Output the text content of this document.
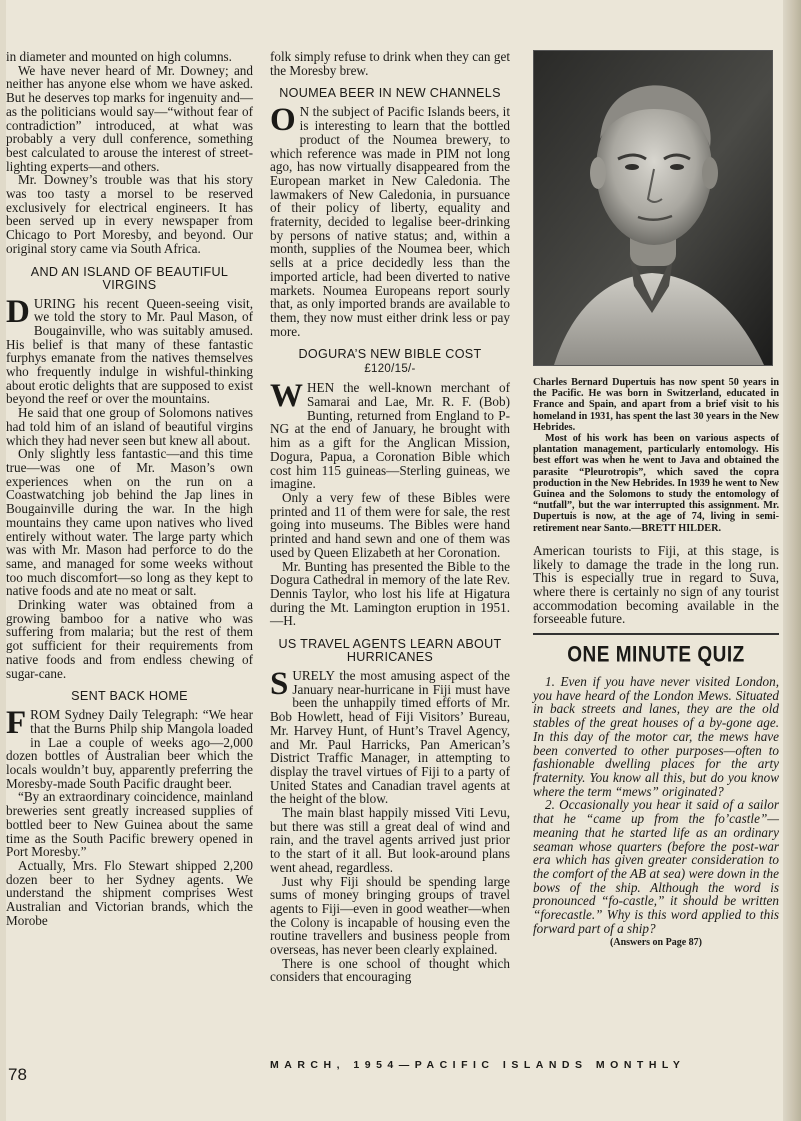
in diameter and mounted on high columns.

We have never heard of Mr. Downey; and neither has anyone else whom we have asked. But he deserves top marks for ingenuity and—as the politicians would say—“without fear of contradiction” introduced, at what was probably a very dull conference, something best calculated to arouse the interest of street-lighting experts—and others.

Mr. Downey’s trouble was that his story was too tasty a morsel to be reserved exclusively for electrical engineers. It has been served up in every newspaper from Chicago to Port Moresby, and beyond. Our original story came via South Africa.

AND AN ISLAND OF BEAUTIFUL VIRGINS

DURING his recent Queen-seeing visit, we told the story to Mr. Paul Mason, of Bougainville, who was suitably amused. His belief is that many of these fantastic furphys emanate from the natives themselves who frequently indulge in wishful-thinking about erotic delights that are supposed to exist beyond the reef or over the mountains.

He said that one group of Solomons natives had told him of an island of beautiful virgins which they had never seen but knew all about.

Only slightly less fantastic—and this time true—was one of Mr. Mason’s own experiences when on the run on a Coastwatching job behind the Jap lines in Bougainville during the war. In the high mountains they came upon natives who lived entirely without water. The large party which was with Mr. Mason had perforce to do the same, and managed for some weeks without too much discomfort—so long as they kept to native foods and ate no meat or salt.

Drinking water was obtained from a growing bamboo for a native who was suffering from malaria; but the rest of them got sufficient for their requirements from native foods and from endless chewing of sugar-cane.

SENT BACK HOME

FROM Sydney Daily Telegraph: “We hear that the Burns Philp ship Mangola loaded in Lae a couple of weeks ago—2,000 dozen bottles of Australian beer which the locals wouldn’t buy, apparently preferring the Moresby-made South Pacific draught beer.

“By an extraordinary coincidence, mainland breweries sent greatly increased supplies of bottled beer to New Guinea about the same time as the South Pacific brewery opened in Port Moresby.”

Actually, Mrs. Flo Stewart shipped 2,200 dozen beer to her Sydney agents. We understand the shipment comprises West Australian and Victorian brands, which the Morobe

folk simply refuse to drink when they can get the Moresby brew.

NOUMEA BEER IN NEW CHANNELS

O N the subject of Pacific Islands beers, it is interesting to learn that the bottled product of the Noumea brewery, to which reference was made in PIM not long ago, has now virtually disappeared from the European market in New Caledonia. The lawmakers of New Caledonia, in pursuance of their policy of liberty, equality and fraternity, decided to legalise beer-drinking by persons of native status; and, within a month, supplies of the Noumea beer, which sells at a price decidedly less than the imported article, had been diverted to native markets. Noumea Europeans report sourly that, as only imported brands are available to them, they now must either drink less or pay more.

DOGURA’S NEW BIBLE COST
£120/15/-

WHEN the well-known merchant of Samarai and Lae, Mr. R. F. (Bob) Bunting, returned from England to P-NG at the end of January, he brought with him as a gift for the Anglican Mission, Dogura, Papua, a Coronation Bible which cost him 115 guineas—Sterling guineas, we imagine.

Only a very few of these Bibles were printed and 11 of them were for sale, the rest going into museums. The Bibles were hand printed and hand sewn and one of them was used by Queen Elizabeth at her Coronation.

Mr. Bunting has presented the Bible to the Dogura Cathedral in memory of the late Rev. Dennis Taylor, who lost his life at Higatura during the Mt. Lamington eruption in 1951.—H.

US TRAVEL AGENTS LEARN ABOUT HURRICANES

SURELY the most amusing aspect of the January near-hurricane in Fiji must have been the unhappily timed efforts of Mr. Bob Howlett, head of Fiji Visitors’ Bureau, Mr. Harvey Hunt, of Hunt’s Travel Agency, and Mr. Paul Harricks, Pan American’s District Traffic Manager, in attempting to display the travel virtues of Fiji to a party of United States and Canadian travel agents at the height of the blow.

The main blast happily missed Viti Levu, but there was still a great deal of wind and rain, and the travel agents arrived just prior to the start of it all. But look-around plans went ahead, regardless.

Just why Fiji should be spending large sums of money bringing groups of travel agents to Fiji—even in good weather—when the Colony is incapable of housing even the routine travellers and business people from overseas, has never been clearly explained.

There is one school of thought which considers that encouraging

Charles Bernard Dupertuis has now spent 50 years in the Pacific. He was born in Switzerland, educated in France and Spain, and apart from a brief visit to his homeland in 1931, has spent the last 30 years in the New Hebrides.

Most of his work has been on various aspects of plantation management, particularly entomology. His best effort was when he went to Java and obtained the parasite “Pleurotropis”, which saved the copra production in the New Hebrides. In 1939 he went to New Guinea and the Solomons to study the entomology of “nutfall”, but the war interrupted this assignment. Mr. Dupertuis is now, at the age of 74, living in semi-retirement near Santo.—BRETT HILDER.

American tourists to Fiji, at this stage, is likely to damage the trade in the long run. This is especially true in regard to Suva, where there is certainly no sign of any tourist accommodation becoming available in the forseeable future.

ONE MINUTE QUIZ

1. Even if you have never visited London, you have heard of the London Mews. Situated in back streets and lanes, they are the old stables of the great houses of a by-gone age. In this day of the motor car, the mews have been converted to other purposes—often to fashionable dwelling places for the arty fraternity. You know all this, but do you know where the term “mews” originated?

2. Occasionally you hear it said of a sailor that he “came up from the fo’castle”—meaning that he started life as an ordinary seaman whose quarters (before the post-war era which has given greater consideration to the comfort of the AB at sea) were down in the bows of the ship. Although the word is pronounced “fo-castle,” it should be written “forecastle.” Why is this word applied to this forward part of a ship?

(Answers on Page 87)
78	MARCH, 1954—PACIFIC ISLANDS MONTHLY
